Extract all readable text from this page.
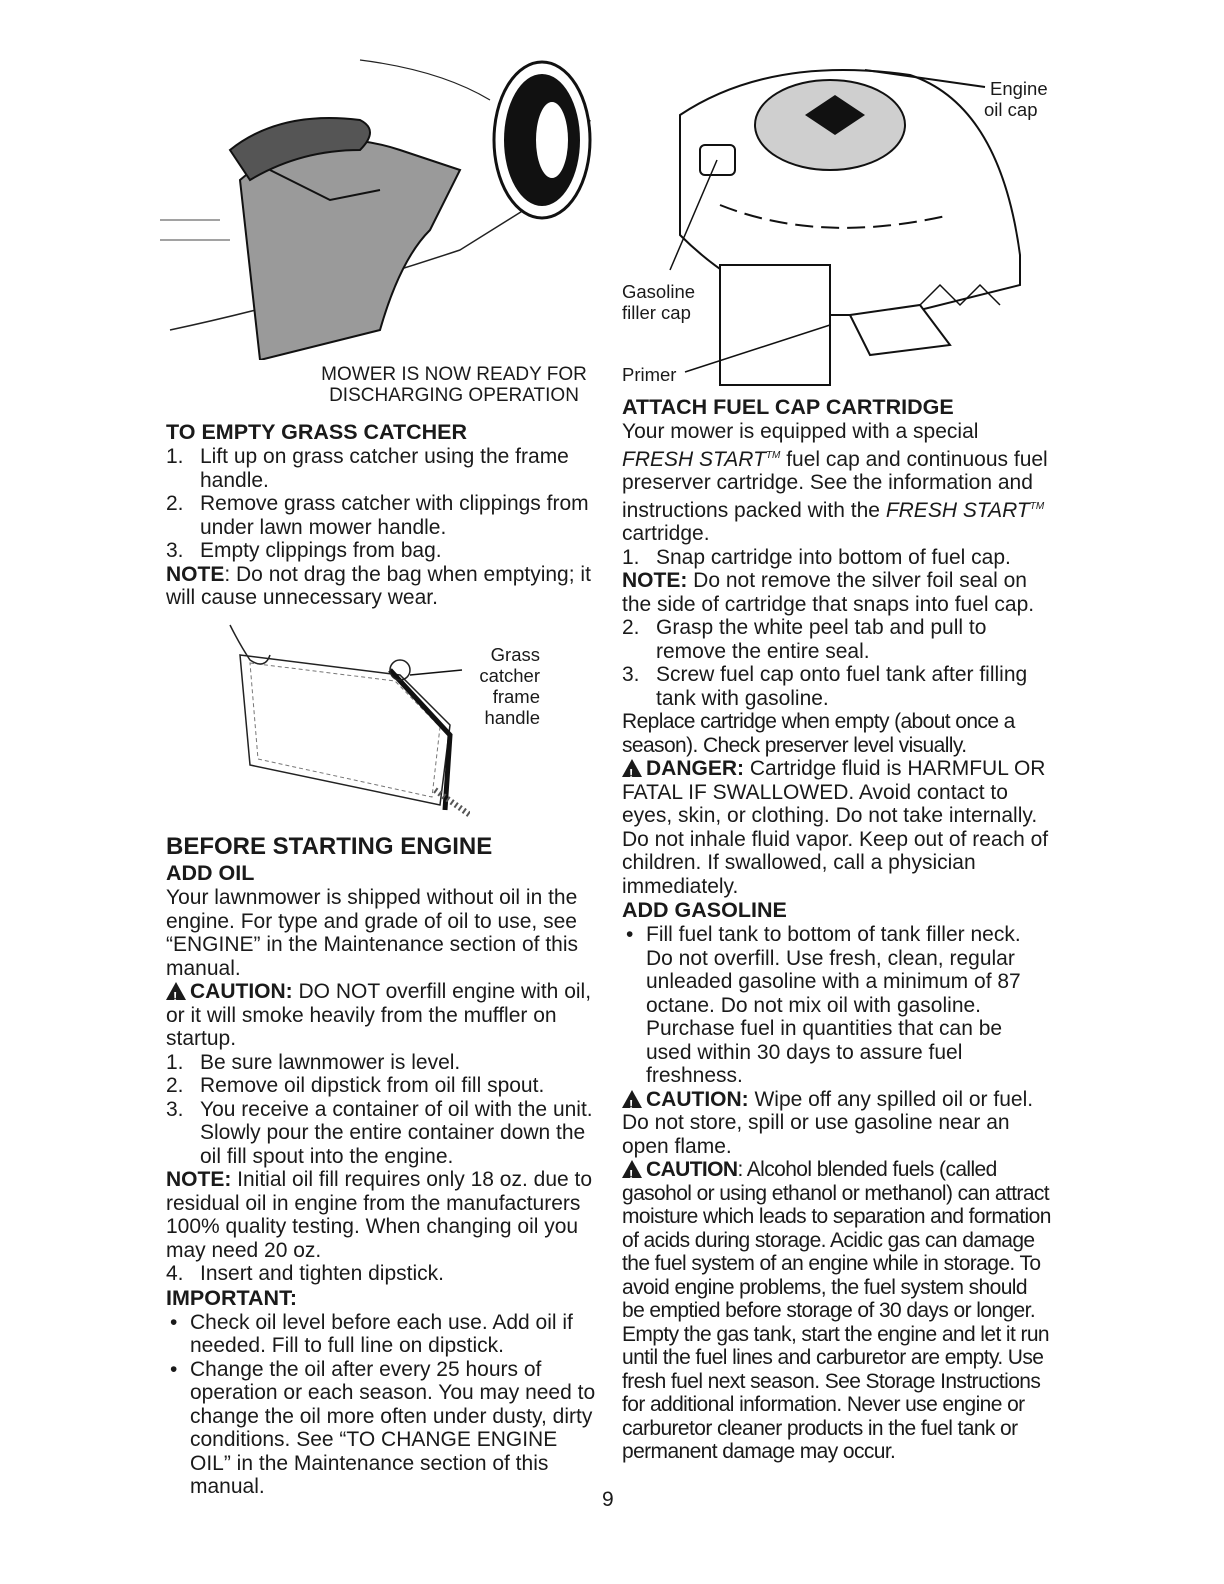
MOWER IS NOW READY FOR
DISCHARGING OPERATION
Grass
catcher
frame
handle
Engine
oil cap
Gasoline
filler cap
Primer
TO EMPTY GRASS CATCHER
1. Lift up on grass catcher using the frame handle.
2. Remove grass catcher with clippings from under lawn mower handle.
3. Empty clippings from bag.

NOTE: Do not drag the bag when emptying; it will cause unnecessary wear.

BEFORE STARTING ENGINE
ADD OIL

Your lawnmower is shipped without oil in the engine. For type and grade of oil to use, see “ENGINE” in the Maintenance section of this manual.

!CAUTION: DO NOT overfill engine with oil, or it will smoke heavily from the muffler on startup.

1. Be sure lawnmower is level.
2. Remove oil dipstick from oil fill spout.
3. You receive a container of oil with the unit. Slowly pour the entire container down the oil fill spout into the engine.

NOTE: Initial oil fill requires only 18 oz. due to residual oil in engine from the manufacturers 100% quality testing. When changing oil you may need 20 oz.

4. Insert and tighten dipstick.
IMPORTANT:
• Check oil level before each use. Add oil if needed. Fill to full line on dipstick.
• Change the oil after every 25 hours of operation or each season. You may need to change the oil more often under dusty, dirty conditions. See “TO CHANGE ENGINE OIL” in the Maintenance section of this manual.
ATTACH FUEL CAP CARTRIDGE

Your mower is equipped with a special FRESH START™ fuel cap and continuous fuel preserver cartridge. See the information and instructions packed with the FRESH START™ cartridge.

1. Snap cartridge into bottom of fuel cap.

NOTE: Do not remove the silver foil seal on the side of cartridge that snaps into fuel cap.

2. Grasp the white peel tab and pull to remove the entire seal.
3. Screw fuel cap onto fuel tank after filling tank with gasoline.

Replace cartridge when empty (about once a season). Check preserver level visually.

!DANGER: Cartridge fluid is HARMFUL OR FATAL IF SWALLOWED. Avoid contact to eyes, skin, or clothing. Do not take internally. Do not inhale fluid vapor. Keep out of reach of children. If swallowed, call a physician immediately.

ADD GASOLINE
• Fill fuel tank to bottom of tank filler neck. Do not overfill. Use fresh, clean, regular unleaded gasoline with a minimum of 87 octane. Do not mix oil with gasoline. Purchase fuel in quantities that can be used within 30 days to assure fuel freshness.

!CAUTION: Wipe off any spilled oil or fuel. Do not store, spill or use gasoline near an open flame.

!CAUTION: Alcohol blended fuels (called gasohol or using ethanol or methanol) can attract moisture which leads to separation and formation of acids during storage. Acidic gas can damage the fuel system of an engine while in storage. To avoid engine problems, the fuel system should be emptied before storage of 30 days or longer. Empty the gas tank, start the engine and let it run until the fuel lines and carburetor are empty. Use fresh fuel next season. See Storage Instructions for additional information. Never use engine or carburetor cleaner products in the fuel tank or permanent damage may occur.

9
